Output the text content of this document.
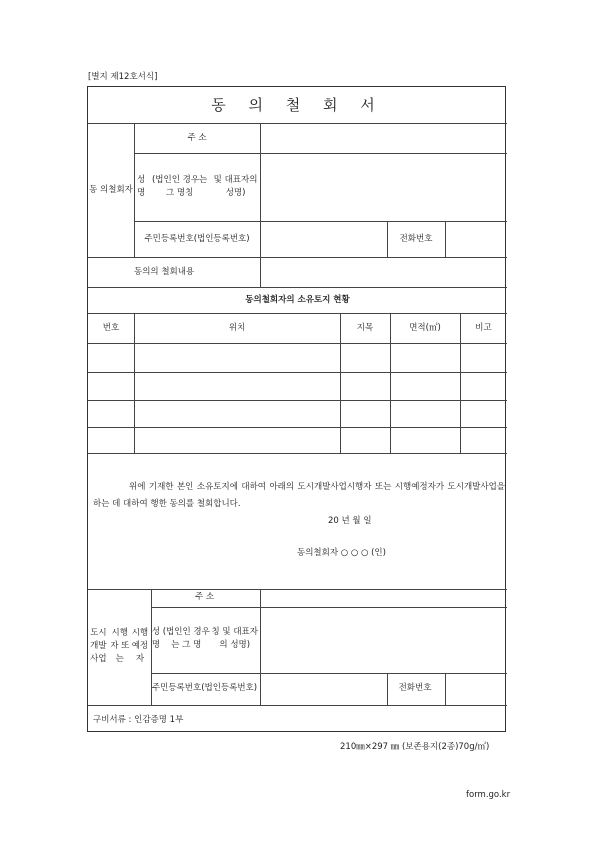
[별지 제12호서식]
동 의 철 회 서
동 의 철회자
주 소
성 명
(법인인 경우는 그 명칭
및 대표자의 성명)
주민등록번호 (법인등록번호)	전화번호
동의의 철회내용
동의철회자의 소유토지 현황
번호	위치	지목	면적(㎡)	비고
위에 기재한 본인 소유토지에 대하여 아래의 도시개발사업시행자 또는 시행예정자가 도시개발사업을 하는 데 대하여 행한 동의를 철회합니다.
20 년 월 일
동의철회자 ○ ○ ○ (인)
도시개발사업
시행자 또는
시행 예정자
주 소
성 명
(법인인 경우는 그 명
칭 및 대표자의 성명)
주민등록번호 (법인등록번호)	전화번호
구비서류 : 인감증명 1부
210㎜×297 ㎜ (보존용지(2종)70g/㎡)
form.go.kr
